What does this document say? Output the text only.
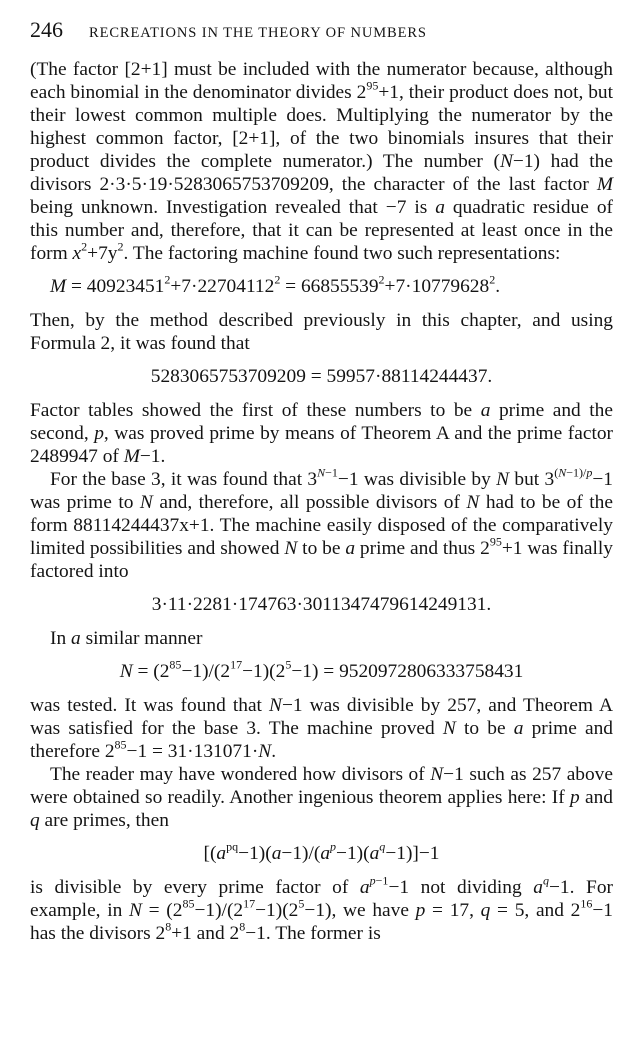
246 RECREATIONS IN THE THEORY OF NUMBERS

(The factor [2+1] must be included with the numerator because, although each binomial in the denominator divides $2^{95}+1$, their product does not, but their lowest common multiple does. Multiplying the numerator by the highest common factor, [2+1], of the two binomials insures that their product divides the complete numerator.) The number (N−1) had the divisors 2·3·5·19·5283065753709209, the character of the last factor M being unknown. Investigation revealed that −7 is a quadratic residue of this number and, therefore, that it can be represented at least once in the form $x^2+7y^2$. The factoring machine found two such representations:

$M = 40923451^2+7\cdot 22704112^2 = 66855539^2+7\cdot 10779628^2$.

Then, by the method described previously in this chapter, and using Formula 2, it was found that

5283065753709209 = 59957·88114244437.

Factor tables showed the first of these numbers to be a prime and the second, p, was proved prime by means of Theorem A and the prime factor 2489947 of M−1.

For the base 3, it was found that $3^{N-1}-1$ was divisible by N but $3^{(N-1)/p}-1$ was prime to N and, therefore, all possible divisors of N had to be of the form 88114244437x+1. The machine easily disposed of the comparatively limited possibilities and showed N to be a prime and thus $2^{95}+1$ was finally factored into

3·11·2281·174763·3011347479614249131.

In a similar manner

$N = (2^{85}-1)/(2^{17}-1)(2^5-1) = 9520972806333758431$

was tested. It was found that N−1 was divisible by 257, and Theorem A was satisfied for the base 3. The machine proved N to be a prime and therefore $2^{85}-1 = 31\cdot 131071\cdot N$.

The reader may have wondered how divisors of N−1 such as 257 above were obtained so readily. Another ingenious theorem applies here: If p and q are primes, then

$[(a^{pq}-1)(a-1)/(a^p-1)(a^q-1)]-1$

is divisible by every prime factor of $a^{p-1}-1$ not dividing $a^q-1$. For example, in $N = (2^{85}-1)/(2^{17}-1)(2^5-1)$, we have p = 17, q = 5, and $2^{16}-1$ has the divisors $2^8+1$ and $2^8-1$. The former is
